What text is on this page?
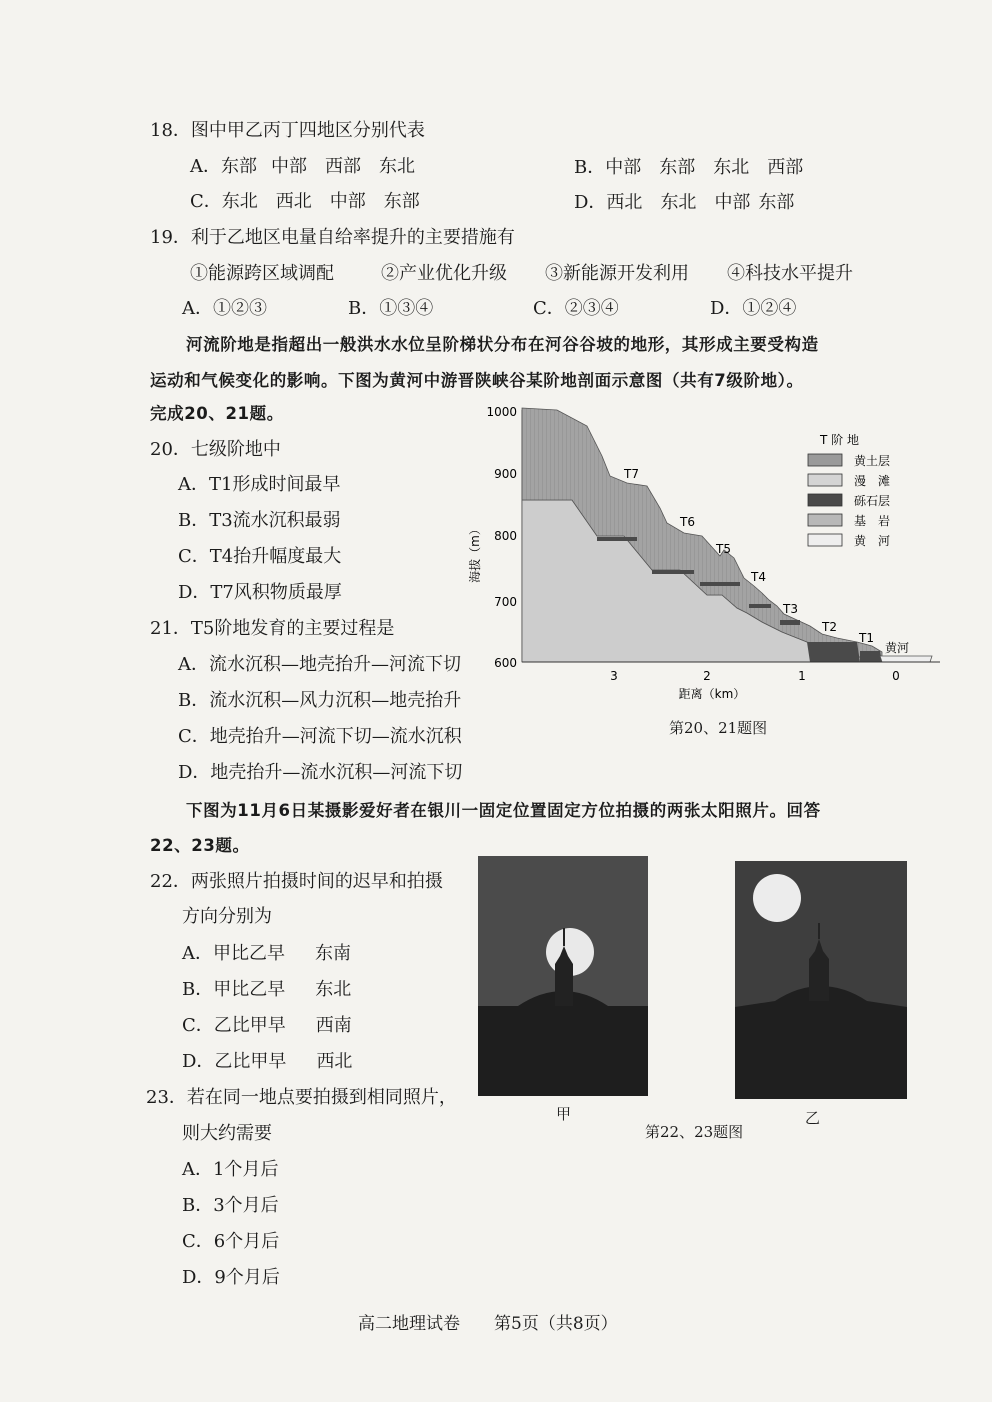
18．图中甲乙丙丁四地区分别代表
A．东部 中部 西部 东北	B．中部 东部 东北 西部
C．东北 西北 中部 东部	D．西北 东北 中部 东部
19．利于乙地区电量自给率提升的主要措施有
①能源跨区域调配	②产业优化升级 ③新能源开发利用 ④科技水平提升
A．①②③	B．①③④	C．②③④	D．①②④
河流阶地是指超出一般洪水水位呈阶梯状分布在河谷谷坡的地形，其形成主要受构造
运动和气候变化的影响。下图为黄河中游晋陕峡谷某阶地剖面示意图（共有7级阶地）。
完成20、21题。
20．七级阶地中
A．T1形成时间最早
B．T3流水沉积最弱
C．T4抬升幅度最大
D．T7风积物质最厚
21．T5阶地发育的主要过程是
A．流水沉积—地壳抬升—河流下切
B．流水沉积—风力沉积—地壳抬升
C．地壳抬升—河流下切—流水沉积
D．地壳抬升—流水沉积—河流下切
1000
900
800
700
600
海拔（m）
T7
T6
T5
T4
T3
T2
T1
黄河
3	2	1	0
距离（km）
T 阶 地
黄土层
漫　滩
砾石层
基　岩
黄　河
第20、21题图
下图为11月6日某摄影爱好者在银川一固定位置固定方位拍摄的两张太阳照片。回答
22、23题。
22．两张照片拍摄时间的迟早和拍摄
方向分别为
A．甲比乙早 东南
B．甲比乙早 东北
C．乙比甲早 西南
D．乙比甲早 西北
23．若在同一地点要拍摄到相同照片，
则大约需要
A．1个月后
B．3个月后
C．6个月后
D．9个月后
甲	乙
第22、23题图
高二地理试卷　　第5页（共8页）
